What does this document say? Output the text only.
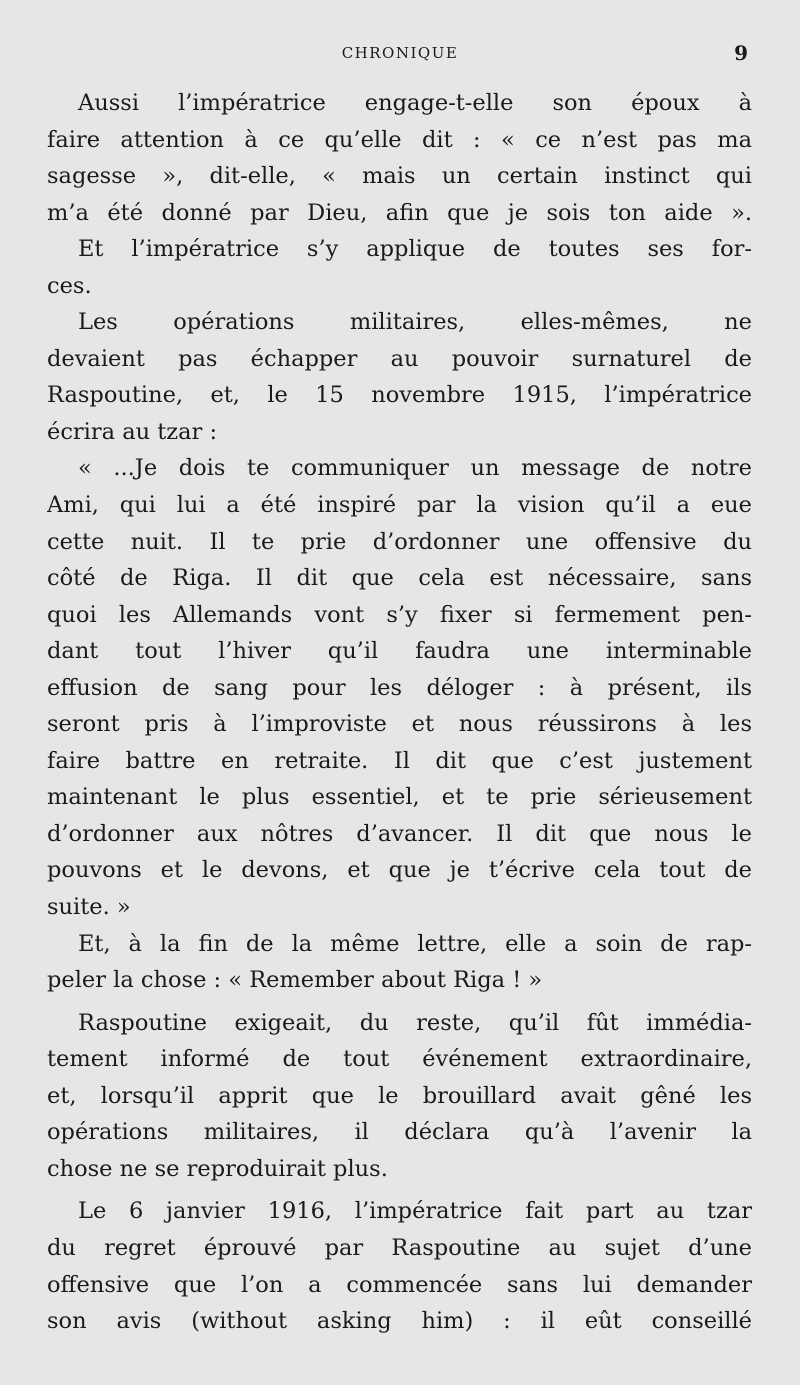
CHRONIQUE	9
Aussi l’impératrice engage-t-elle son époux à
faire attention à ce qu’elle dit : « ce n’est pas ma
sagesse », dit-elle, « mais un certain instinct qui
m’a été donné par Dieu, afin que je sois ton aide ».
Et l’impératrice s’y applique de toutes ses for-
ces.
Les opérations militaires, elles-mêmes, ne
devaient pas échapper au pouvoir surnaturel de
Raspoutine, et, le 15 novembre 1915, l’impératrice
écrira au tzar :
« ...Je dois te communiquer un message de notre
Ami, qui lui a été inspiré par la vision qu’il a eue
cette nuit. Il te prie d’ordonner une offensive du
côté de Riga. Il dit que cela est nécessaire, sans
quoi les Allemands vont s’y fixer si fermement pen-
dant tout l’hiver qu’il faudra une interminable
effusion de sang pour les déloger : à présent, ils
seront pris à l’improviste et nous réussirons à les
faire battre en retraite. Il dit que c’est justement
maintenant le plus essentiel, et te prie sérieusement
d’ordonner aux nôtres d’avancer. Il dit que nous le
pouvons et le devons, et que je t’écrive cela tout de
suite. »
Et, à la fin de la même lettre, elle a soin de rap-
peler la chose : « Remember about Riga ! »
Raspoutine exigeait, du reste, qu’il fût immédia-
tement informé de tout événement extraordinaire,
et, lorsqu’il apprit que le brouillard avait gêné les
opérations militaires, il déclara qu’à l’avenir la
chose ne se reproduirait plus.
Le 6 janvier 1916, l’impératrice fait part au tzar
du regret éprouvé par Raspoutine au sujet d’une
offensive que l’on a commencée sans lui demander
son avis (without asking him) : il eût conseillé
